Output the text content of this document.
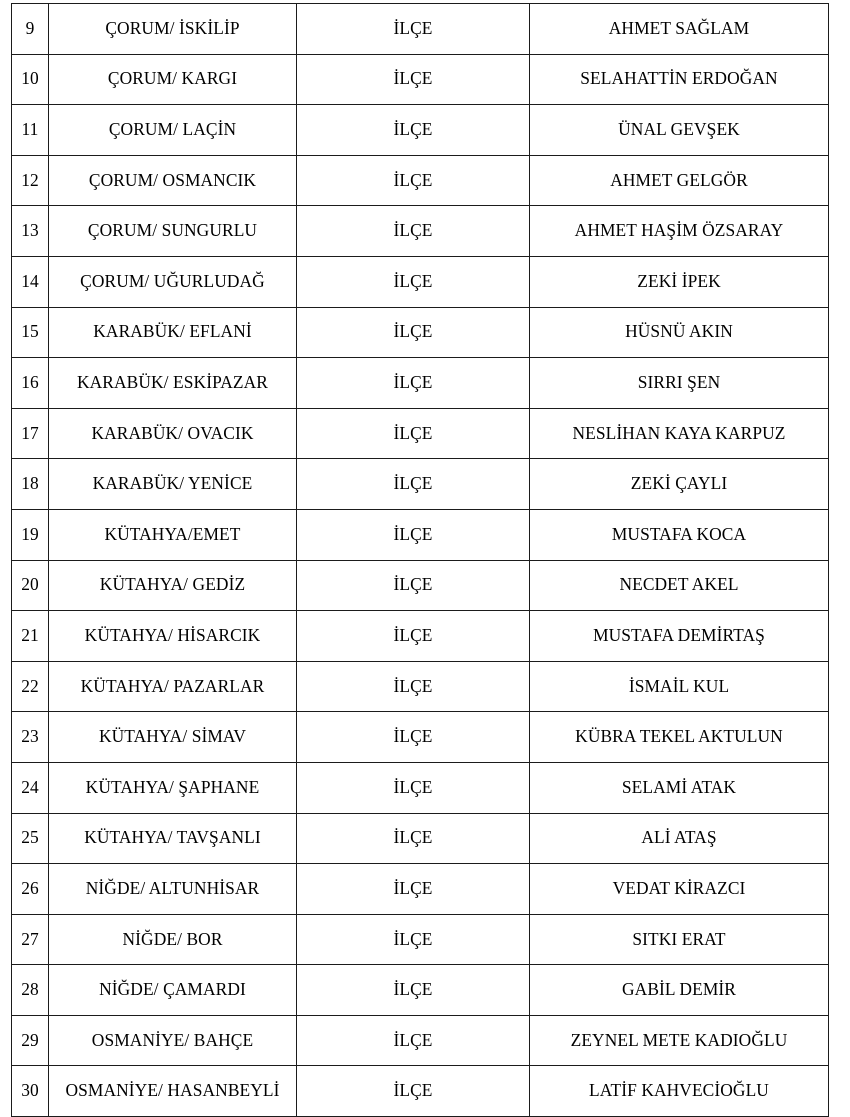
9	ÇORUM/ İSKİLİP	İLÇE	AHMET SAĞLAM
10	ÇORUM/ KARGI	İLÇE	SELAHATTİN ERDOĞAN
11	ÇORUM/ LAÇİN	İLÇE	ÜNAL GEVŞEK
12	ÇORUM/ OSMANCIK	İLÇE	AHMET GELGÖR
13	ÇORUM/ SUNGURLU	İLÇE	AHMET HAŞİM ÖZSARAY
14	ÇORUM/ UĞURLUDAĞ	İLÇE	ZEKİ İPEK
15	KARABÜK/ EFLANİ	İLÇE	HÜSNÜ AKIN
16	KARABÜK/ ESKİPAZAR	İLÇE	SIRRI ŞEN
17	KARABÜK/ OVACIK	İLÇE	NESLİHAN KAYA KARPUZ
18	KARABÜK/ YENİCE	İLÇE	ZEKİ ÇAYLI
19	KÜTAHYA/EMET	İLÇE	MUSTAFA KOCA
20	KÜTAHYA/ GEDİZ	İLÇE	NECDET AKEL
21	KÜTAHYA/ HİSARCIK	İLÇE	MUSTAFA DEMİRTAŞ
22	KÜTAHYA/ PAZARLAR	İLÇE	İSMAİL KUL
23	KÜTAHYA/ SİMAV	İLÇE	KÜBRA TEKEL AKTULUN
24	KÜTAHYA/ ŞAPHANE	İLÇE	SELAMİ ATAK
25	KÜTAHYA/ TAVŞANLI	İLÇE	ALİ ATAŞ
26	NİĞDE/ ALTUNHİSAR	İLÇE	VEDAT KİRAZCI
27	NİĞDE/ BOR	İLÇE	SITKI ERAT
28	NİĞDE/ ÇAMARDI	İLÇE	GABİL DEMİR
29	OSMANİYE/ BAHÇE	İLÇE	ZEYNEL METE KADIOĞLU
30	OSMANİYE/ HASANBEYLİ	İLÇE	LATİF KAHVECİOĞLU
